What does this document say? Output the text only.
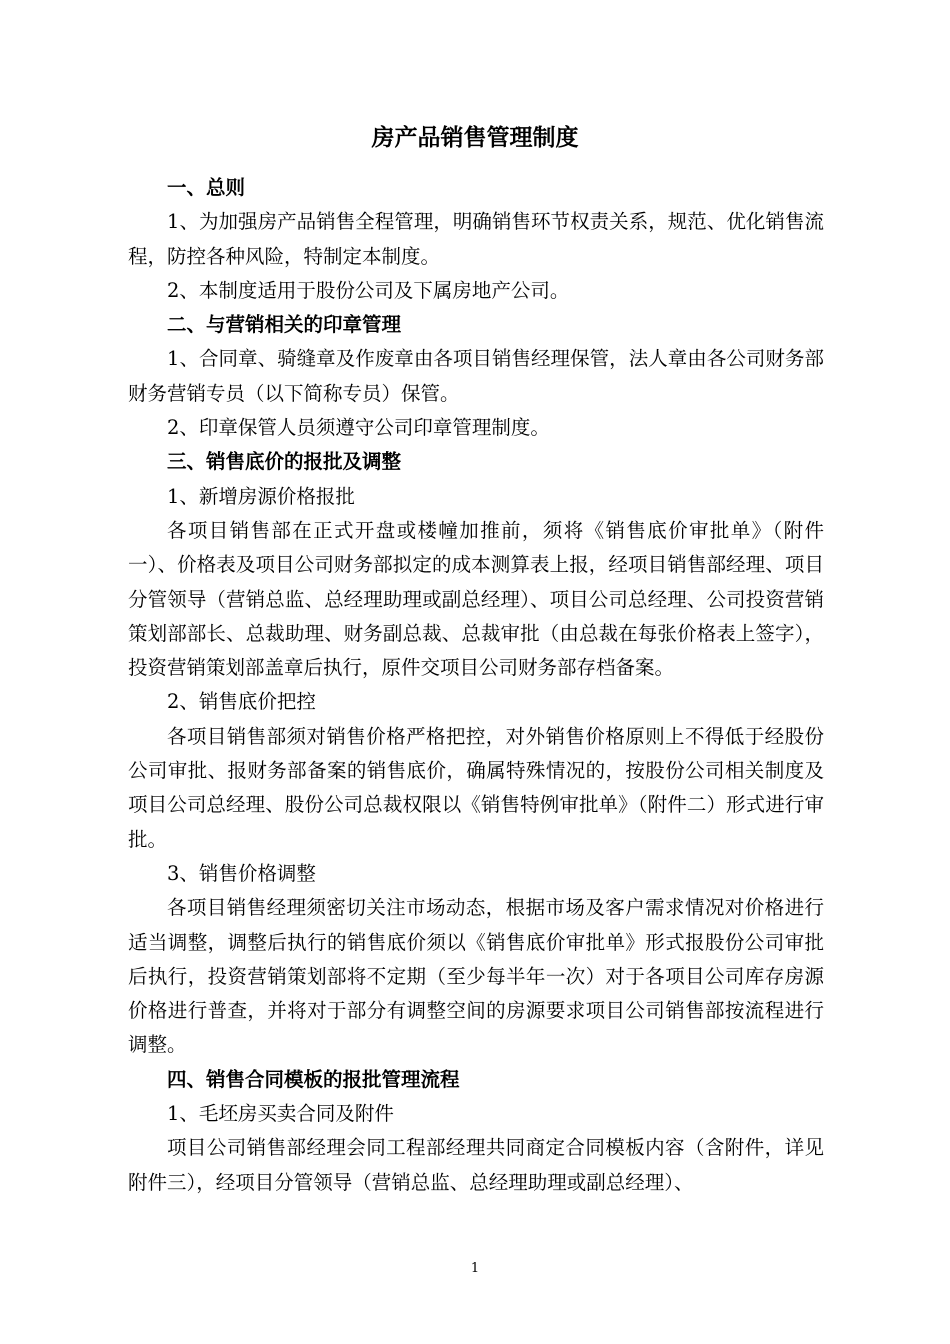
房产品销售管理制度

一、总则

1、为加强房产品销售全程管理，明确销售环节权责关系，规范、优化销售流程，防控各种风险，特制定本制度。

2、本制度适用于股份公司及下属房地产公司。

二、与营销相关的印章管理

1、合同章、骑缝章及作废章由各项目销售经理保管，法人章由各公司财务部财务营销专员（以下简称专员）保管。

2、印章保管人员须遵守公司印章管理制度。

三、销售底价的报批及调整

1、新增房源价格报批

各项目销售部在正式开盘或楼幢加推前，须将《销售底价审批单》（附件一）、价格表及项目公司财务部拟定的成本测算表上报，经项目销售部经理、项目分管领导（营销总监、总经理助理或副总经理）、项目公司总经理、公司投资营销策划部部长、总裁助理、财务副总裁、总裁审批（由总裁在每张价格表上签字），投资营销策划部盖章后执行，原件交项目公司财务部存档备案。

2、销售底价把控

各项目销售部须对销售价格严格把控，对外销售价格原则上不得低于经股份公司审批、报财务部备案的销售底价，确属特殊情况的，按股份公司相关制度及项目公司总经理、股份公司总裁权限以《销售特例审批单》（附件二）形式进行审批。

3、销售价格调整

各项目销售经理须密切关注市场动态，根据市场及客户需求情况对价格进行适当调整，调整后执行的销售底价须以《销售底价审批单》形式报股份公司审批后执行，投资营销策划部将不定期（至少每半年一次）对于各项目公司库存房源价格进行普查，并将对于部分有调整空间的房源要求项目公司销售部按流程进行调整。

四、销售合同模板的报批管理流程

1、毛坯房买卖合同及附件

项目公司销售部经理会同工程部经理共同商定合同模板内容（含附件，详见附件三），经项目分管领导（营销总监、总经理助理或副总经理）、

1
